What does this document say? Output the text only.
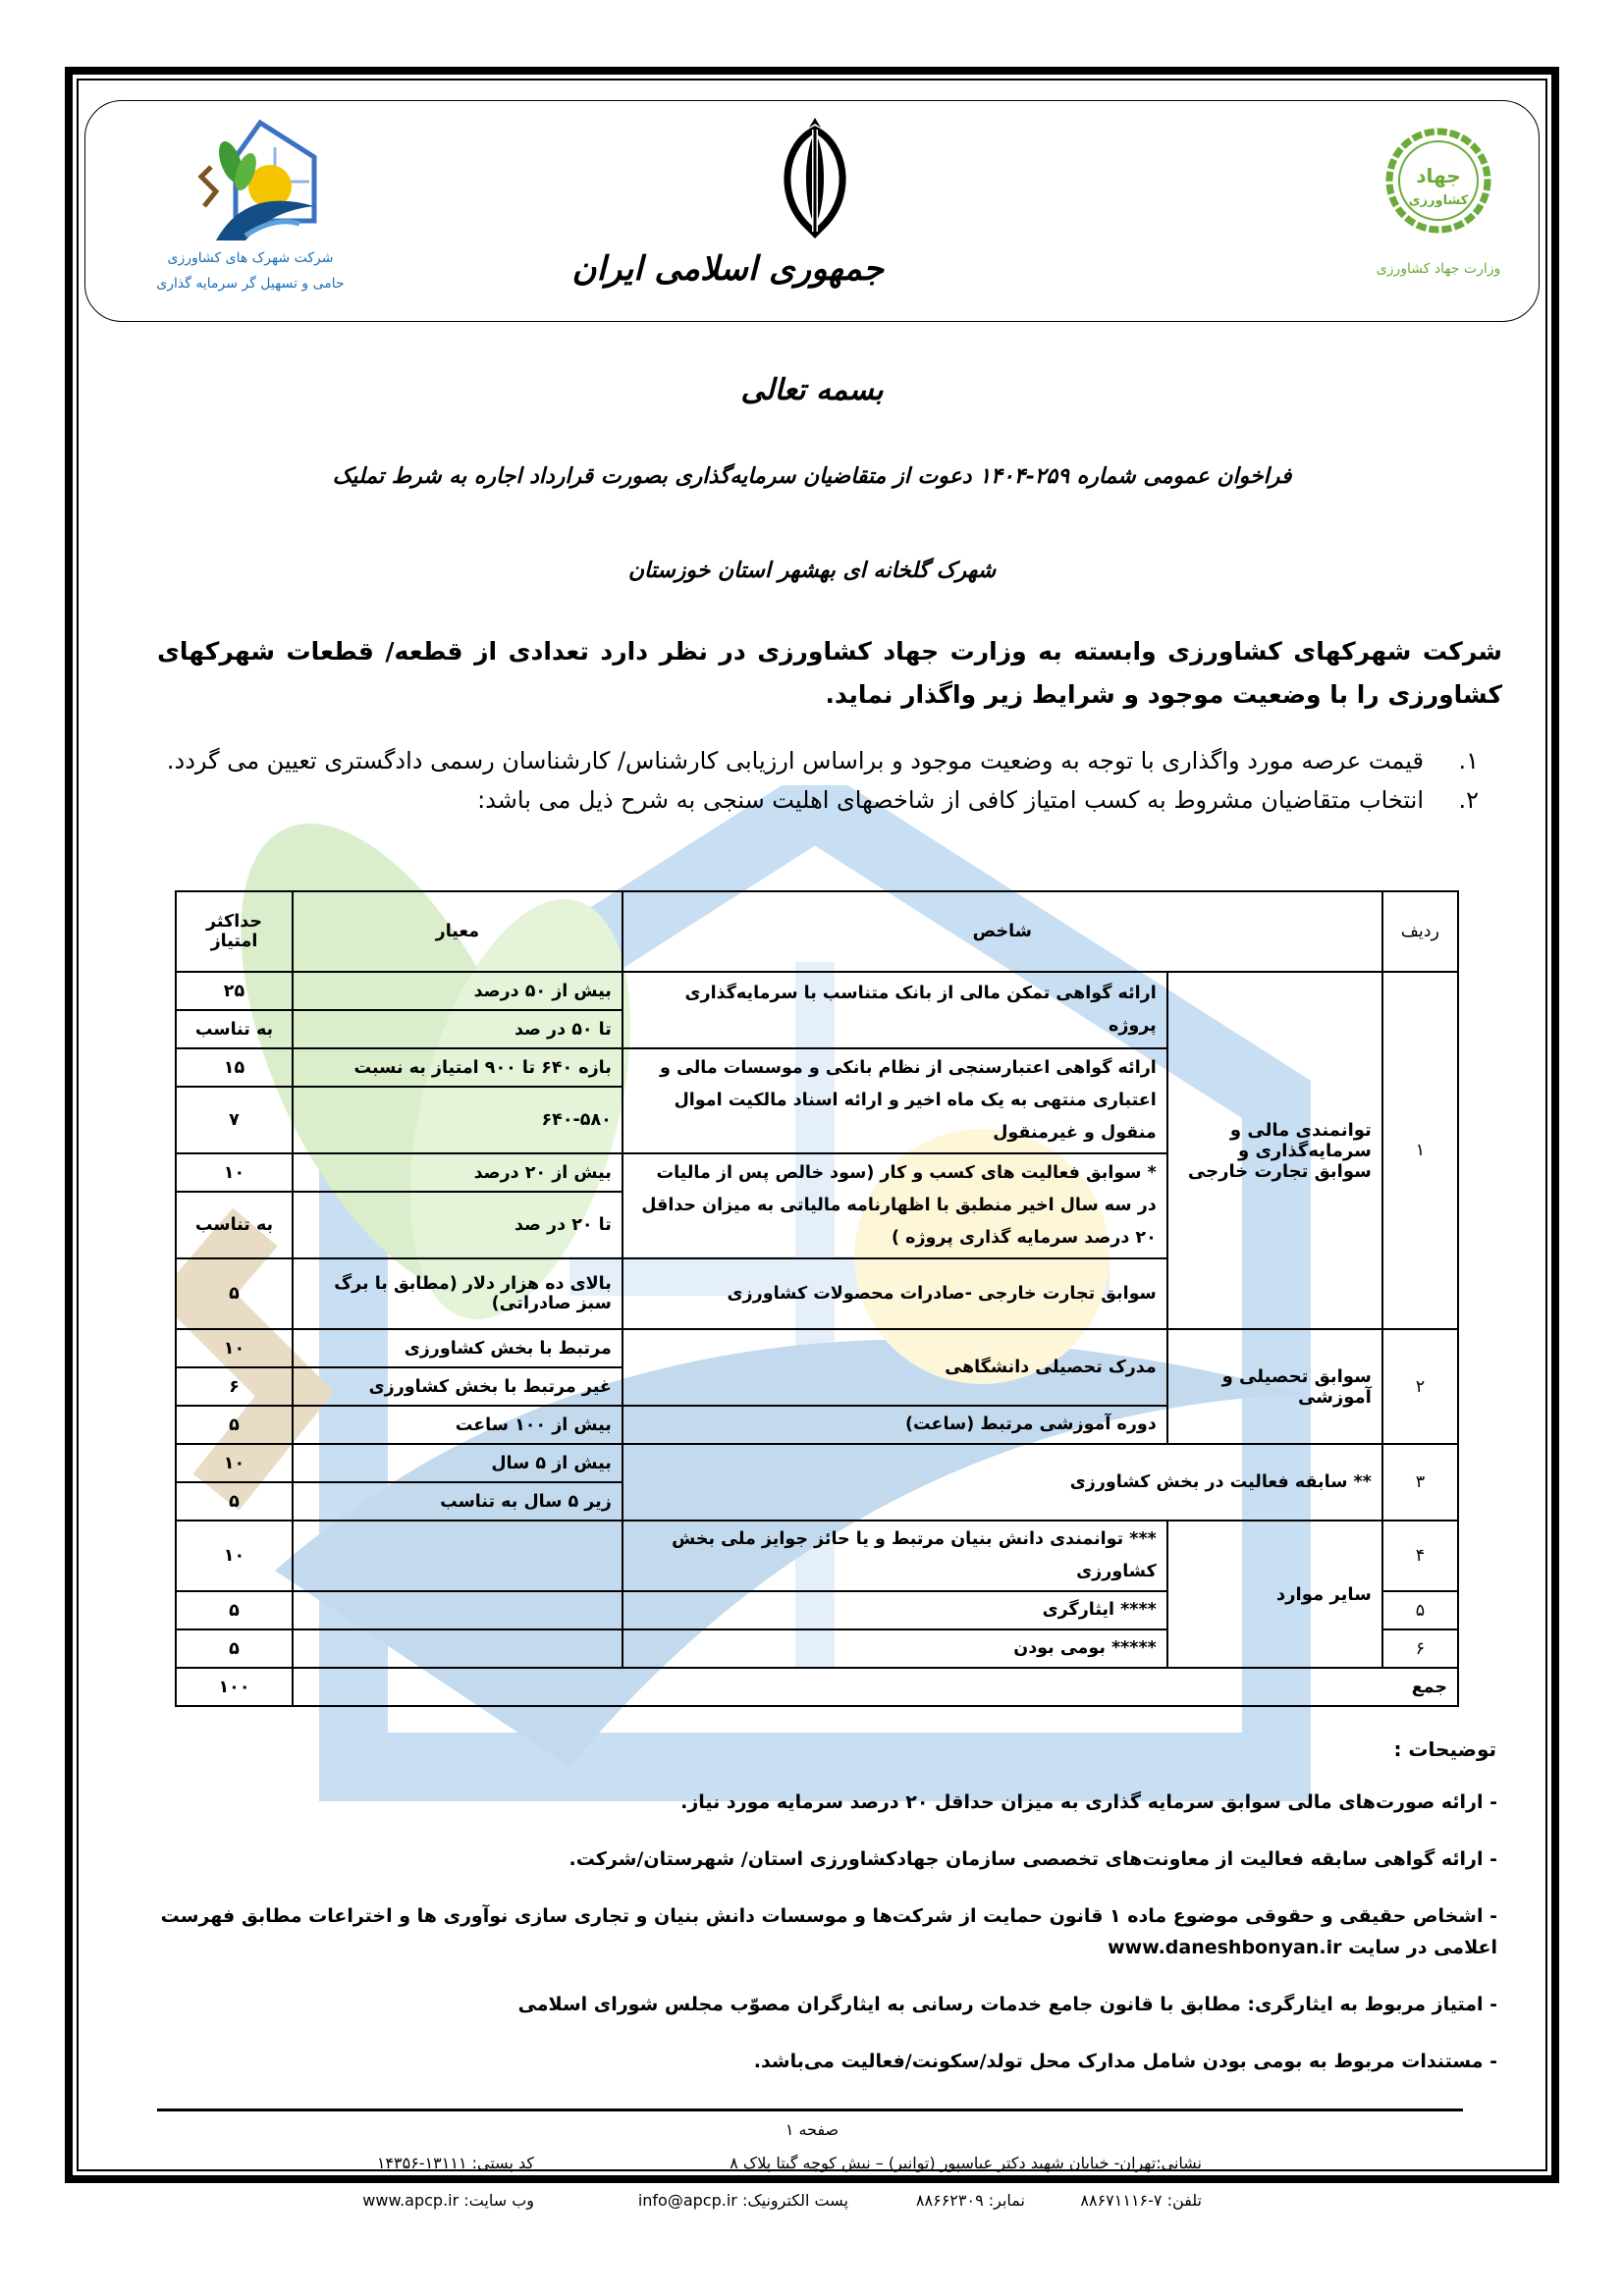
شرکت شهرک های کشاورزی
حامی و تسهیل گر سرمایه گذاری	جمهوری اسلامی ایران
جهاد
کشاورزی
وزارت جهاد کشاورزی
بسمه تعالی
فراخوان عمومی شماره ۲۵۹-۱۴۰۴ دعوت از متقاضیان سرمایه‌گذاری بصورت قرارداد اجاره به شرط تملیک
شهرک گلخانه ای بهشهر استان خوزستان
شرکت شهرکهای کشاورزی وابسته به وزارت جهاد کشاورزی در نظر دارد تعدادی از قطعه/ قطعات شهرکهای کشاورزی را با وضعیت موجود و شرایط زیر واگذار نماید.
۱.
قیمت عرصه مورد واگذاری با توجه به وضعیت موجود و براساس ارزیابی کارشناس/ کارشناسان رسمی دادگستری تعیین می گردد.
۲.
انتخاب متقاضیان مشروط به کسب امتیاز کافی از شاخصهای اهلیت سنجی به شرح ذیل می باشد:
ردیف	شاخص		معیار	حداکثر امتیاز
۱	توانمندی مالی و سرمایه‌گذاری و سوابق تجارت خارجی	ارائه گواهی تمکن مالی از بانک متناسب با سرمایه‌گذاری پروژه	بیش از ۵۰ درصد	۲۵
			تا ۵۰ در صد	به تناسب
		ارائه گواهی اعتبارسنجی از نظام بانکی و موسسات مالی و اعتباری منتهی به یک ماه اخیر و ارائه اسناد مالکیت اموال منقول و غیرمنقول	بازه ۶۴۰ تا ۹۰۰ امتیاز به نسبت	۱۵
			۶۴۰-۵۸۰	۷
		* سوابق فعالیت های کسب و کار (سود خالص پس از مالیات در سه سال اخیر منطبق با اظهارنامه مالیاتی به میزان حداقل ۲۰ درصد سرمایه گذاری پروژه )	بیش از ۲۰ درصد	۱۰
			تا ۲۰ در صد	به تناسب
		سوابق تجارت خارجی -صادرات محصولات کشاورزی	بالای ده هزار دلار (مطابق با برگ سبز صادراتی)	۵
۲	سوابق تحصیلی و آموزشی	مدرک تحصیلی دانشگاهی	مرتبط با بخش کشاورزی	۱۰
			غیر مرتبط با بخش کشاورزی	۶
		دوره آموزشی مرتبط (ساعت)	بیش از ۱۰۰ ساعت	۵
۳	** سابقه فعالیت در بخش کشاورزی		بیش از ۵ سال	۱۰
			زیر ۵ سال به تناسب	۵
۴	سایر موارد	*** توانمندی دانش بنیان مرتبط و یا حائز جوایز ملی بخش کشاورزی		۱۰
۵		**** ایثارگری		۵
۶		***** بومی بودن		۵
جمع				۱۰۰
توضیحات :
- ارائه صورت‌های مالی سوابق سرمایه گذاری به میزان حداقل ۲۰ درصد سرمایه مورد نیاز.
- ارائه گواهی سابقه فعالیت از معاونت‌های تخصصی سازمان جهادکشاورزی استان/ شهرستان/شرکت.
- اشخاص حقیقی و حقوقی موضوع ماده ۱ قانون حمایت از شرکت‌ها و موسسات دانش بنیان و تجاری سازی نوآوری ها و اختراعات مطابق فهرست اعلامی در سایت www.daneshbonyan.ir
- امتیاز مربوط به ایثارگری: مطابق با قانون جامع خدمات رسانی به ایثارگران مصوّب مجلس شورای اسلامی
- مستندات مربوط به بومی بودن شامل مدارک محل تولد/سکونت/فعالیت می‌باشد.
صفحه ۱
نشانی:تهران- خیابان شهید دکتر عباسپور (توانیر) – نبش کوچه گیتا پلاک ۸
کد پستی: ۱۳۱۱۱-۱۴۳۵۶
تلفن: ۷-۸۸۶۷۱۱۱۶
نمابر: ۸۸۶۶۲۳۰۹
پست الکترونیک: info@apcp.ir
وب سایت: www.apcp.ir
